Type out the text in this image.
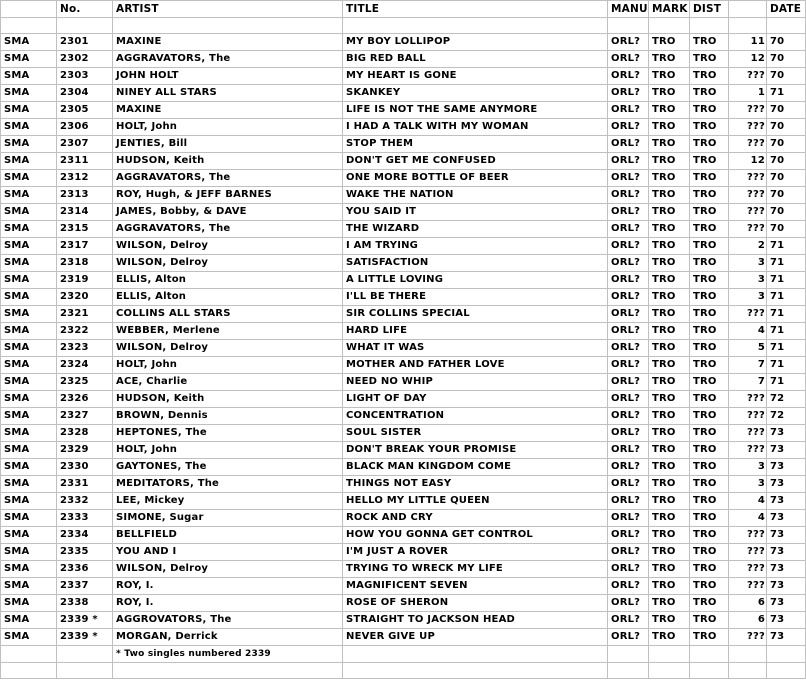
	No.	ARTIST	TITLE	MANU	MARK	DIST		DATE

SMA	2301	MAXINE	MY BOY LOLLIPOP	ORL?	TRO	TRO	11	70
SMA	2302	AGGRAVATORS, The	BIG RED BALL	ORL?	TRO	TRO	12	70
SMA	2303	JOHN HOLT	MY HEART IS GONE	ORL?	TRO	TRO	???	70
SMA	2304	NINEY ALL STARS	SKANKEY	ORL?	TRO	TRO	1	71
SMA	2305	MAXINE	LIFE IS NOT THE SAME ANYMORE	ORL?	TRO	TRO	???	70
SMA	2306	HOLT, John	I HAD A TALK WITH MY WOMAN	ORL?	TRO	TRO	???	70
SMA	2307	JENTIES, Bill	STOP THEM	ORL?	TRO	TRO	???	70
SMA	2311	HUDSON, Keith	DON'T GET ME CONFUSED	ORL?	TRO	TRO	12	70
SMA	2312	AGGRAVATORS, The	ONE MORE BOTTLE OF BEER	ORL?	TRO	TRO	???	70
SMA	2313	ROY, Hugh, & JEFF BARNES	WAKE THE NATION	ORL?	TRO	TRO	???	70
SMA	2314	JAMES, Bobby, & DAVE	YOU SAID IT	ORL?	TRO	TRO	???	70
SMA	2315	AGGRAVATORS, The	THE WIZARD	ORL?	TRO	TRO	???	70
SMA	2317	WILSON, Delroy	I AM TRYING	ORL?	TRO	TRO	2	71
SMA	2318	WILSON, Delroy	SATISFACTION	ORL?	TRO	TRO	3	71
SMA	2319	ELLIS, Alton	A LITTLE LOVING	ORL?	TRO	TRO	3	71
SMA	2320	ELLIS, Alton	I'LL BE THERE	ORL?	TRO	TRO	3	71
SMA	2321	COLLINS ALL STARS	SIR COLLINS SPECIAL	ORL?	TRO	TRO	???	71
SMA	2322	WEBBER, Merlene	HARD LIFE	ORL?	TRO	TRO	4	71
SMA	2323	WILSON, Delroy	WHAT IT WAS	ORL?	TRO	TRO	5	71
SMA	2324	HOLT, John	MOTHER AND FATHER LOVE	ORL?	TRO	TRO	7	71
SMA	2325	ACE, Charlie	NEED NO WHIP	ORL?	TRO	TRO	7	71
SMA	2326	HUDSON, Keith	LIGHT OF DAY	ORL?	TRO	TRO	???	72
SMA	2327	BROWN, Dennis	CONCENTRATION	ORL?	TRO	TRO	???	72
SMA	2328	HEPTONES, The	SOUL SISTER	ORL?	TRO	TRO	???	73
SMA	2329	HOLT, John	DON'T BREAK YOUR PROMISE	ORL?	TRO	TRO	???	73
SMA	2330	GAYTONES, The	BLACK MAN KINGDOM COME	ORL?	TRO	TRO	3	73
SMA	2331	MEDITATORS, The	THINGS NOT EASY	ORL?	TRO	TRO	3	73
SMA	2332	LEE, Mickey	HELLO MY LITTLE QUEEN	ORL?	TRO	TRO	4	73
SMA	2333	SIMONE, Sugar	ROCK AND CRY	ORL?	TRO	TRO	4	73
SMA	2334	BELLFIELD	HOW YOU GONNA GET CONTROL	ORL?	TRO	TRO	???	73
SMA	2335	YOU AND I	I'M JUST A ROVER	ORL?	TRO	TRO	???	73
SMA	2336	WILSON, Delroy	TRYING TO WRECK MY LIFE	ORL?	TRO	TRO	???	73
SMA	2337	ROY, I.	MAGNIFICENT SEVEN	ORL?	TRO	TRO	???	73
SMA	2338	ROY, I.	ROSE OF SHERON	ORL?	TRO	TRO	6	73
SMA	2339 *	AGGROVATORS, The	STRAIGHT TO JACKSON HEAD	ORL?	TRO	TRO	6	73
SMA	2339 *	MORGAN, Derrick	NEVER GIVE UP	ORL?	TRO	TRO	???	73
		* Two singles numbered 2339						
